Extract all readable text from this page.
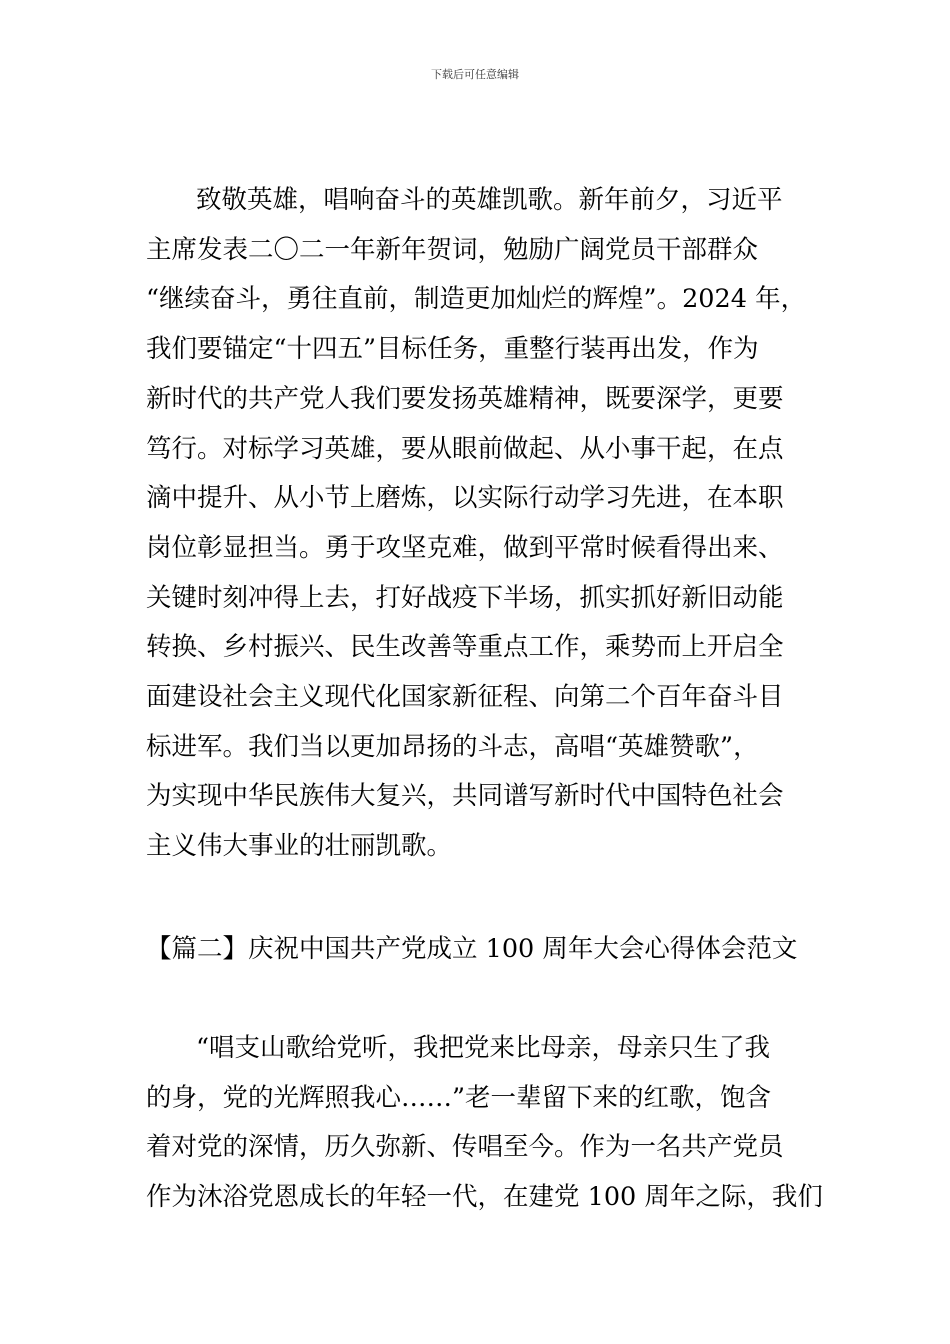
下载后可任意编辑
致敬英雄，唱响奋斗的英雄凯歌。新年前夕，习近平
主席发表二〇二一年新年贺词，勉励广阔党员干部群众
“继续奋斗，勇往直前，制造更加灿烂的辉煌”。2024 年，
我们要锚定“十四五”目标任务，重整行装再出发，作为
新时代的共产党人我们要发扬英雄精神，既要深学，更要
笃行。对标学习英雄，要从眼前做起、从小事干起，在点
滴中提升、从小节上磨炼，以实际行动学习先进，在本职
岗位彰显担当。勇于攻坚克难，做到平常时候看得出来、
关键时刻冲得上去，打好战疫下半场，抓实抓好新旧动能
转换、乡村振兴、民生改善等重点工作，乘势而上开启全
面建设社会主义现代化国家新征程、向第二个百年奋斗目
标进军。我们当以更加昂扬的斗志，高唱“英雄赞歌”，
为实现中华民族伟大复兴，共同谱写新时代中国特色社会
主义伟大事业的壮丽凯歌。
【篇二】庆祝中国共产党成立 100 周年大会心得体会范文
“唱支山歌给党听，我把党来比母亲，母亲只生了我
的身，党的光辉照我心……”老一辈留下来的红歌，饱含
着对党的深情，历久弥新、传唱至今。作为一名共产党员
作为沐浴党恩成长的年轻一代，在建党 100 周年之际，我们
